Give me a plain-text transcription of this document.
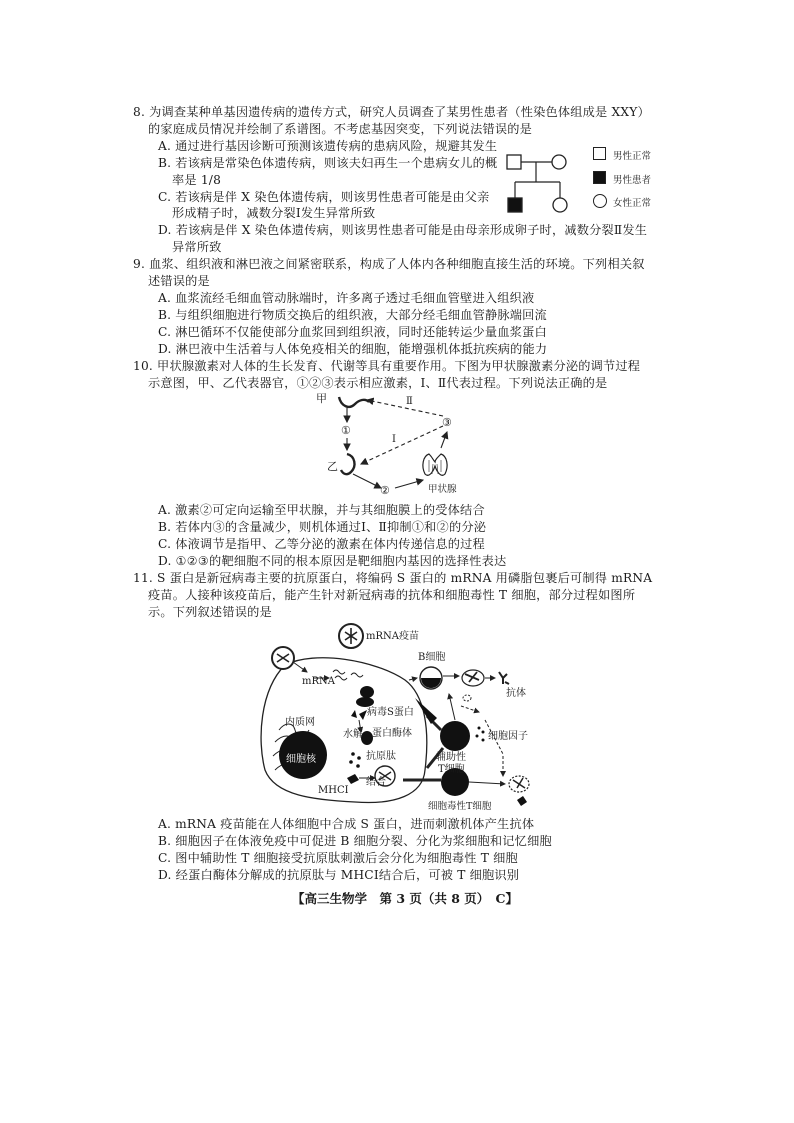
8. 为调查某种单基因遗传病的遗传方式，研究人员调查了某男性患者（性染色体组成是 XXY）
的家庭成员情况并绘制了系谱图。不考虑基因突变，下列说法错误的是
A. 通过进行基因诊断可预测该遗传病的患病风险，规避其发生
B. 若该病是常染色体遗传病，则该夫妇再生一个患病女儿的概
率是 1/8
C. 若该病是伴 X 染色体遗传病，则该男性患者可能是由父亲
形成精子时，减数分裂Ⅰ发生异常所致
D. 若该病是伴 X 染色体遗传病，则该男性患者可能是由母亲形成卵子时，减数分裂Ⅱ发生
异常所致
男性正常
男性患者
女性正常
9. 血浆、组织液和淋巴液之间紧密联系，构成了人体内各种细胞直接生活的环境。下列相关叙
述错误的是
A. 血浆流经毛细血管动脉端时，许多离子透过毛细血管壁进入组织液
B. 与组织细胞进行物质交换后的组织液，大部分经毛细血管静脉端回流
C. 淋巴循环不仅能使部分血浆回到组织液，同时还能转运少量血浆蛋白
D. 淋巴液中生活着与人体免疫相关的细胞，能增强机体抵抗疾病的能力
10. 甲状腺激素对人体的生长发育、代谢等具有重要作用。下图为甲状腺激素分泌的调节过程
示意图，甲、乙代表器官，①②③表示相应激素，Ⅰ、Ⅱ代表过程。下列说法正确的是
甲
①
乙
②
③
Ⅱ
Ⅰ
甲状腺
A. 激素②可定向运输至甲状腺，并与其细胞膜上的受体结合
B. 若体内③的含量减少，则机体通过Ⅰ、Ⅱ抑制①和②的分泌
C. 体液调节是指甲、乙等分泌的激素在体内传递信息的过程
D. ①②③的靶细胞不同的根本原因是靶细胞内基因的选择性表达
11. S 蛋白是新冠病毒主要的抗原蛋白，将编码 S 蛋白的 mRNA 用磷脂包裹后可制得 mRNA
疫苗。人接种该疫苗后，能产生针对新冠病毒的抗体和细胞毒性 T 细胞，部分过程如图所
示。下列叙述错误的是
mRNA疫苗
mRNA
病毒S蛋白
水解 蛋白酶体
内质网
细胞核	抗原肽
结合
MHCⅠ
B细胞
抗体
细胞因子
辅助性
T细胞
细胞毒性T细胞
A. mRNA 疫苗能在人体细胞中合成 S 蛋白，进而刺激机体产生抗体
B. 细胞因子在体液免疫中可促进 B 细胞分裂、分化为浆细胞和记忆细胞
C. 图中辅助性 T 细胞接受抗原肽刺激后会分化为细胞毒性 T 细胞
D. 经蛋白酶体分解成的抗原肽与 MHCⅠ结合后，可被 T 细胞识别
【高三生物学　第 3 页（共 8 页）　C】
